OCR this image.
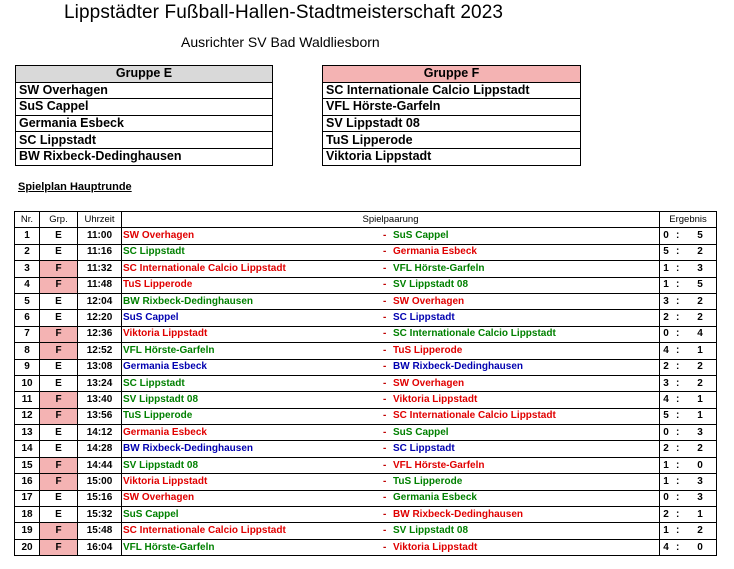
Lippstädter Fußball-Hallen-Stadtmeisterschaft 2023
Ausrichter SV Bad Waldliesborn
Gruppe E
SW Overhagen
SuS Cappel
Germania Esbeck
SC Lippstadt
BW Rixbeck-Dedinghausen
Gruppe F
SC Internationale Calcio Lippstadt
VFL Hörste-Garfeln
SV Lippstadt 08
TuS Lipperode
Viktoria Lippstadt
Spielplan Hauptrunde
Nr.	Grp.	Uhrzeit	Spielpaarung	Ergebnis
1	E	11:00	SW Overhagen - SuS Cappel	0 : 5

2	E	11:16	SC Lippstadt - Germania Esbeck	5 : 2

3	F	11:32	SC Internationale Calcio Lippstadt - VFL Hörste-Garfeln	1 : 3

4	F	11:48	TuS Lipperode - SV Lippstadt 08	1 : 5

5	E	12:04	BW Rixbeck-Dedinghausen - SW Overhagen	3 : 2

6	E	12:20	SuS Cappel - SC Lippstadt	2 : 2

7	F	12:36	Viktoria Lippstadt - SC Internationale Calcio Lippstadt	0 : 4

8	F	12:52	VFL Hörste-Garfeln - TuS Lipperode	4 : 1

9	E	13:08	Germania Esbeck - BW Rixbeck-Dedinghausen	2 : 2

10	E	13:24	SC Lippstadt - SW Overhagen	3 : 2

11	F	13:40	SV Lippstadt 08 - Viktoria Lippstadt	4 : 1

12	F	13:56	TuS Lipperode - SC Internationale Calcio Lippstadt	5 : 1

13	E	14:12	Germania Esbeck - SuS Cappel	0 : 3

14	E	14:28	BW Rixbeck-Dedinghausen - SC Lippstadt	2 : 2

15	F	14:44	SV Lippstadt 08 - VFL Hörste-Garfeln	1 : 0

16	F	15:00	Viktoria Lippstadt - TuS Lipperode	1 : 3

17	E	15:16	SW Overhagen - Germania Esbeck	0 : 3

18	E	15:32	SuS Cappel - BW Rixbeck-Dedinghausen	2 : 1

19	F	15:48	SC Internationale Calcio Lippstadt - SV Lippstadt 08	1 : 2

20	F	16:04	VFL Hörste-Garfeln - Viktoria Lippstadt	4 : 0
